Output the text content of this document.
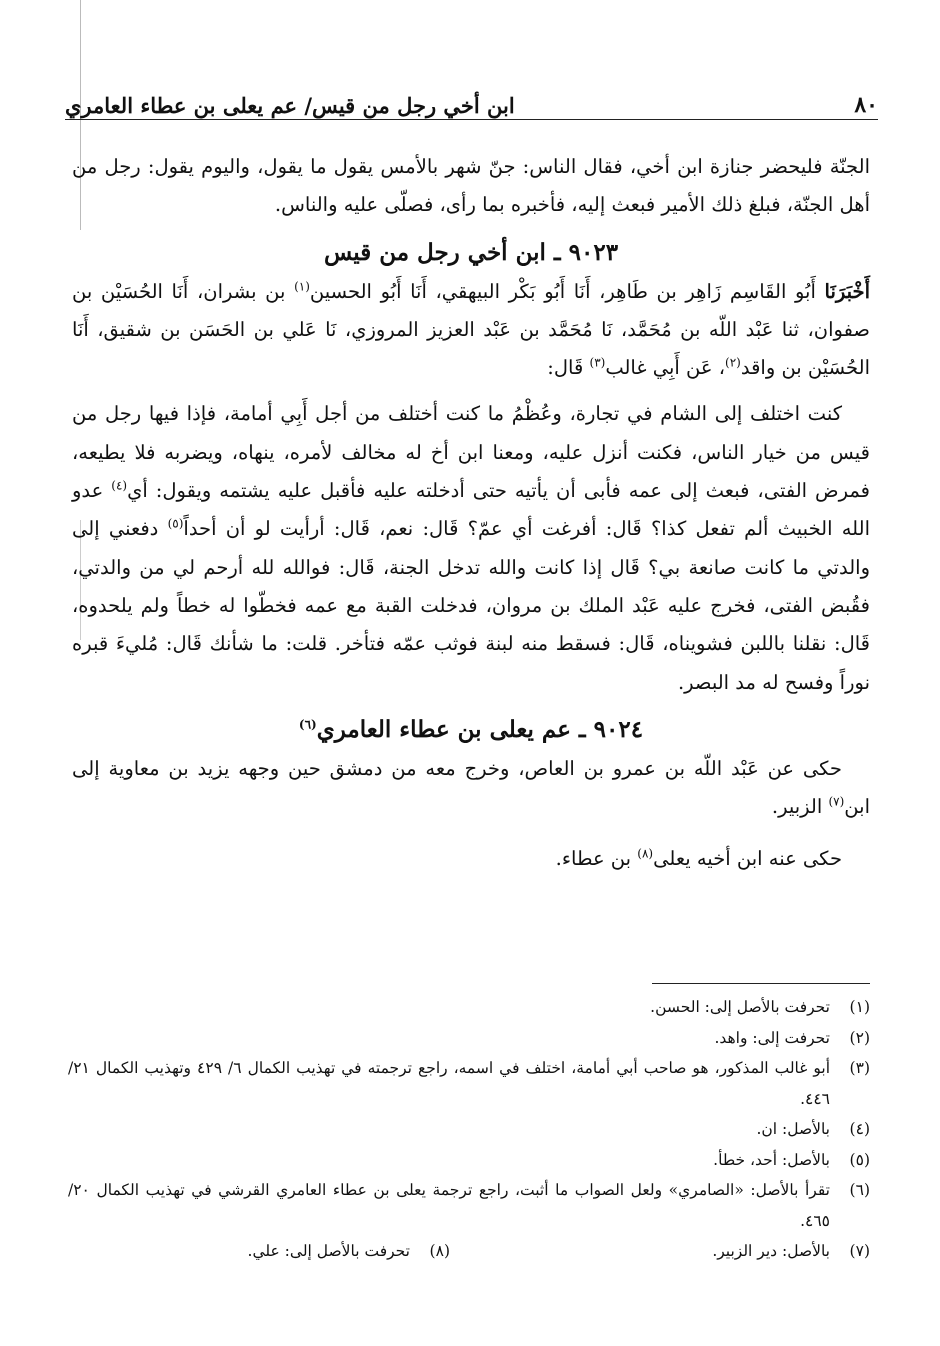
٨٠
ابن أخي رجل من قيس/ عم يعلى بن عطاء العامري

الجنّة فليحضر جنازة ابن أخي، فقال الناس: جنّ شهر بالأمس يقول ما يقول، واليوم يقول: رجل من أهل الجنّة، فبلغ ذلك الأمير فبعث إليه، فأخبره بما رأى، فصلّى عليه والناس.

٩٠٢٣ ـ ابن أخي رجل من قيس

أَخْبَرَنَا أَبُو القَاسِم زَاهِر بن طَاهِر، أَنَا أَبُو بَكْر البيهقي، أَنَا أَبُو الحسين$^{(١)}$ بن بشران، أَنَا الحُسَيْن بن صفوان، ثنا عَبْد اللّه بن مُحَمَّد، نَا مُحَمَّد بن عَبْد العزيز المروزي، نَا عَلي بن الحَسَن بن شقيق، أَنَا الحُسَيْن بن واقد$^{(٢)}$، عَن أَبِي غالب$^{(٣)}$ قَال:

كنت اختلف إلى الشام في تجارة، وعُظْمُ ما كنت أختلف من أجل أَبِي أمامة، فإذا فيها رجل من قيس من خيار الناس، فكنت أنزل عليه، ومعنا ابن أخ له مخالف لأمره، ينهاه، ويضربه فلا يطيعه، فمرض الفتى، فبعث إلى عمه فأبى أن يأتيه حتى أدخلته عليه فأقبل عليه يشتمه ويقول: أي$^{(٤)}$ عدو الله الخبيث ألم تفعل كذا؟ قَال: أفرغت أي عمّ؟ قَال: نعم، قَال: أرأيت لو أن أحداً$^{(٥)}$ دفعني إلى والدتي ما كانت صانعة بي؟ قَال إذا كانت والله تدخل الجنة، قَال: فوالله لله أرحم لي من والدتي، فقُبض الفتى، فخرج عليه عَبْد الملك بن مروان، فدخلت القبة مع عمه فخطّوا له خطاً ولم يلحدوه، قَال: نقلنا باللبن فشويناه، قَال: فسقط منه لبنة فوثب عمّه فتأخر. قلت: ما شأنك قَال: مُليءَ قبره نوراً وفسح له مد البصر.

٩٠٢٤ ـ عم يعلى بن عطاء العامري$^{(٦)}$

حكى عن عَبْد اللّه بن عمرو بن العاص، وخرج معه من دمشق حين وجهه يزيد بن معاوية إلى ابن$^{(٧)}$ الزبير.

حكى عنه ابن أخيه يعلى$^{(٨)}$ بن عطاء.

(١)
تحرفت بالأصل إلى: الحسن.
(٢)
تحرفت إلى: واهد.
(٣)
أبو غالب المذكور، هو صاحب أبي أمامة، اختلف في اسمه، راجع ترجمته في تهذيب الكمال ٦/ ٤٢٩ وتهذيب الكمال ٢١/ ٤٤٦.
(٤)
بالأصل: ان.
(٥)
بالأصل: أحد، خطأ.
(٦)
تقرأ بالأصل: «الصامري» ولعل الصواب ما أثبت، راجع ترجمة يعلى بن عطاء العامري القرشي في تهذيب الكمال ٢٠/ ٤٦٥.
(٧)
بالأصل: دير الزبير.
(٨)
تحرفت بالأصل إلى: علي.
